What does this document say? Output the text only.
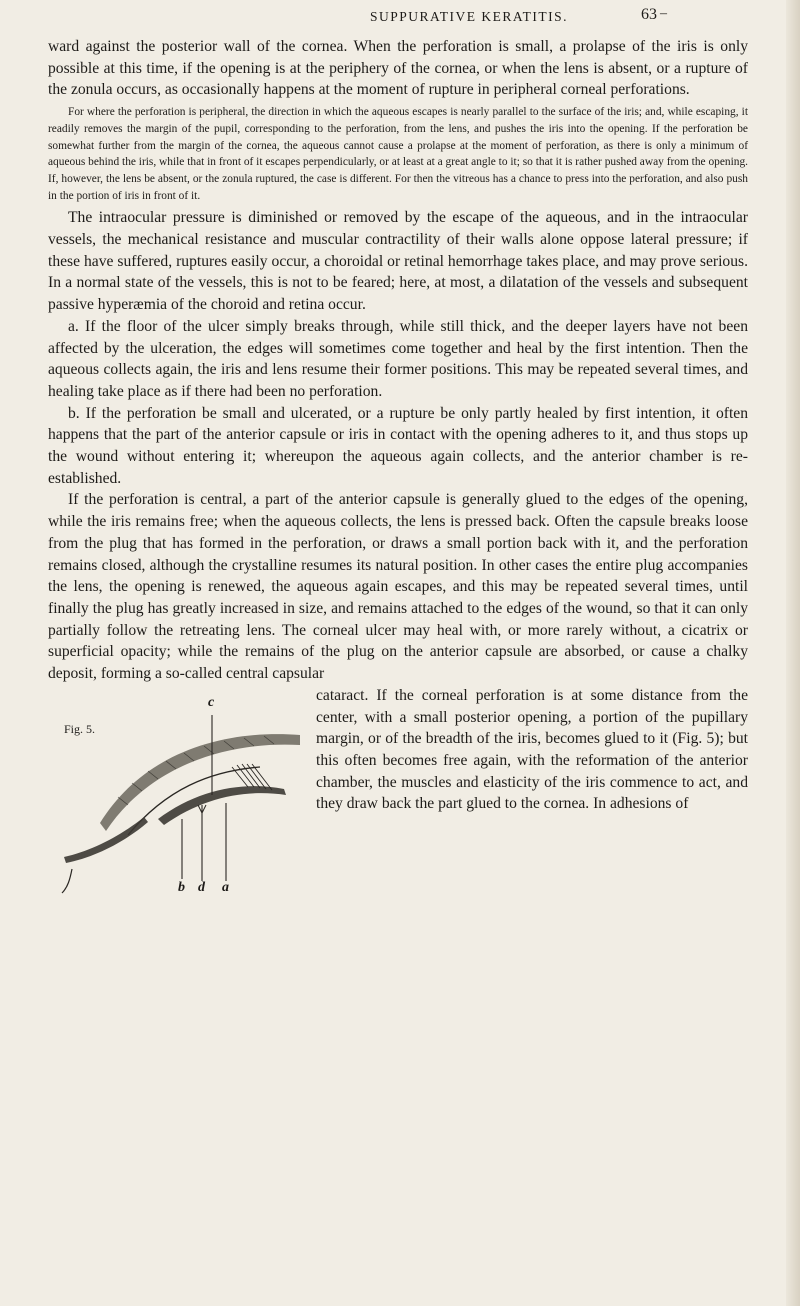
SUPPURATIVE KERATITIS.	63 –

ward against the posterior wall of the cornea. When the perforation is small, a prolapse of the iris is only possible at this time, if the opening is at the periphery of the cornea, or when the lens is absent, or a rupture of the zonula occurs, as occasionally happens at the moment of rupture in peripheral corneal perforations.

For where the perforation is peripheral, the direction in which the aqueous escapes is nearly parallel to the surface of the iris; and, while escaping, it readily removes the margin of the pupil, corresponding to the perforation, from the lens, and pushes the iris into the opening. If the perforation be somewhat further from the margin of the cornea, the aqueous cannot cause a prolapse at the moment of perforation, as there is only a minimum of aqueous behind the iris, while that in front of it escapes perpendicularly, or at least at a great angle to it; so that it is rather pushed away from the opening. If, however, the lens be absent, or the zonula ruptured, the case is different. For then the vitreous has a chance to press into the perforation, and also push in the portion of iris in front of it.

The intraocular pressure is diminished or removed by the escape of the aqueous, and in the intraocular vessels, the mechanical resistance and muscular contractility of their walls alone oppose lateral pressure; if these have suffered, ruptures easily occur, a choroidal or retinal hemorrhage takes place, and may prove serious. In a normal state of the vessels, this is not to be feared; here, at most, a dilatation of the vessels and subsequent passive hyperæmia of the choroid and retina occur.

a. If the floor of the ulcer simply breaks through, while still thick, and the deeper layers have not been affected by the ulceration, the edges will sometimes come together and heal by the first intention. Then the aqueous collects again, the iris and lens resume their former positions. This may be repeated several times, and healing take place as if there had been no perforation.

b. If the perforation be small and ulcerated, or a rupture be only partly healed by first intention, it often happens that the part of the anterior capsule or iris in contact with the opening adheres to it, and thus stops up the wound without entering it; whereupon the aqueous again collects, and the anterior chamber is re-established.

If the perforation is central, a part of the anterior capsule is generally glued to the edges of the opening, while the iris remains free; when the aqueous collects, the lens is pressed back. Often the capsule breaks loose from the plug that has formed in the perforation, or draws a small portion back with it, and the perforation remains closed, although the crystalline resumes its natural position. In other cases the entire plug accompanies the lens, the opening is renewed, the aqueous again escapes, and this may be repeated several times, until finally the plug has greatly increased in size, and remains attached to the edges of the wound, so that it can only partially follow the retreating lens. The corneal ulcer may heal with, or more rarely without, a cicatrix or superficial opacity; while the remains of the plug on the anterior capsule are absorbed, or cause a chalky deposit, forming a so-called central capsular

Fig. 5.
c
b d a

cataract. If the corneal perforation is at some distance from the center, with a small posterior opening, a portion of the pupillary margin, or of the breadth of the iris, becomes glued to it (Fig. 5); but this often becomes free again, with the reformation of the anterior chamber, the muscles and elasticity of the iris commence to act, and they draw back the part glued to the cornea. In adhesions of
